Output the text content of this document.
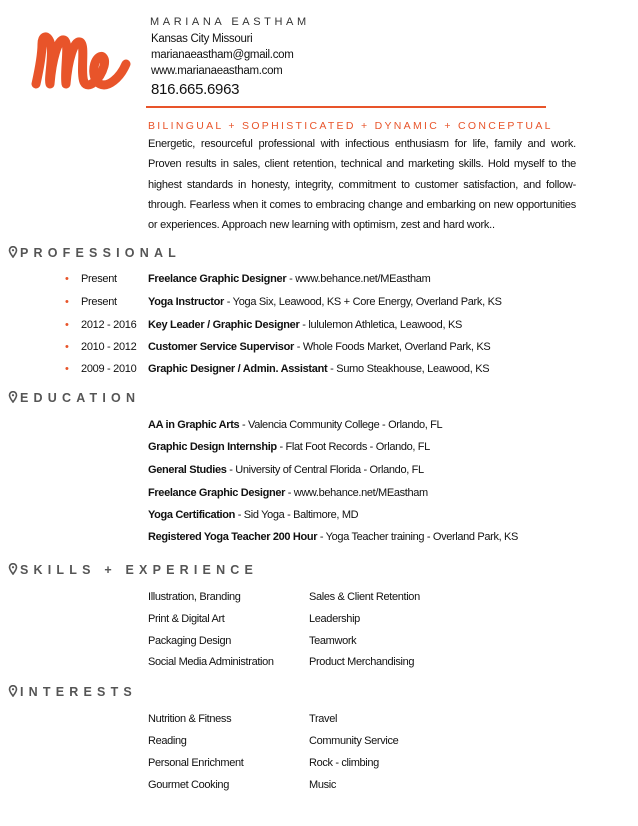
MARIANA EASTHAM
Kansas City Missouri
marianaeastham@gmail.com
www.marianaeastham.com
816.665.6963
BILINGUAL + SOPHISTICATED + DYNAMIC + CONCEPTUAL
Energetic, resourceful professional with infectious enthusiasm for life, family and work. Proven results in sales, client retention, technical and marketing skills. Hold myself to the highest standards in honesty, integrity, commitment to customer satisfaction, and follow-through. Fearless when it comes to embracing change and embarking on new opportunities or experiences. Approach new learning with optimism, zest and hard work..
PROFESSIONAL
• Present	Freelance Graphic Designer - www.behance.net/MEastham
• Present	Yoga Instructor - Yoga Six, Leawood, KS + Core Energy, Overland Park, KS
• 2012 - 2016 Key Leader / Graphic Designer - lululemon Athletica, Leawood, KS
• 2010 - 2012 Customer Service Supervisor - Whole Foods Market, Overland Park, KS
• 2009 - 2010 Graphic Designer / Admin. Assistant - Sumo Steakhouse, Leawood, KS
EDUCATION
AA in Graphic Arts - Valencia Community College - Orlando, FL
Graphic Design Internship - Flat Foot Records - Orlando, FL
General Studies - University of Central Florida - Orlando, FL
Freelance Graphic Designer - www.behance.net/MEastham
Yoga Certification - Sid Yoga - Baltimore, MD
Registered Yoga Teacher 200 Hour - Yoga Teacher training - Overland Park, KS
SKILLS + EXPERIENCE
Illustration, Branding
Print & Digital Art
Packaging Design
Social Media Administration
Sales & Client Retention
Leadership
Teamwork
Product Merchandising
INTERESTS
Nutrition & Fitness
Reading
Personal Enrichment
Gourmet Cooking
Travel
Community Service
Rock - climbing
Music
